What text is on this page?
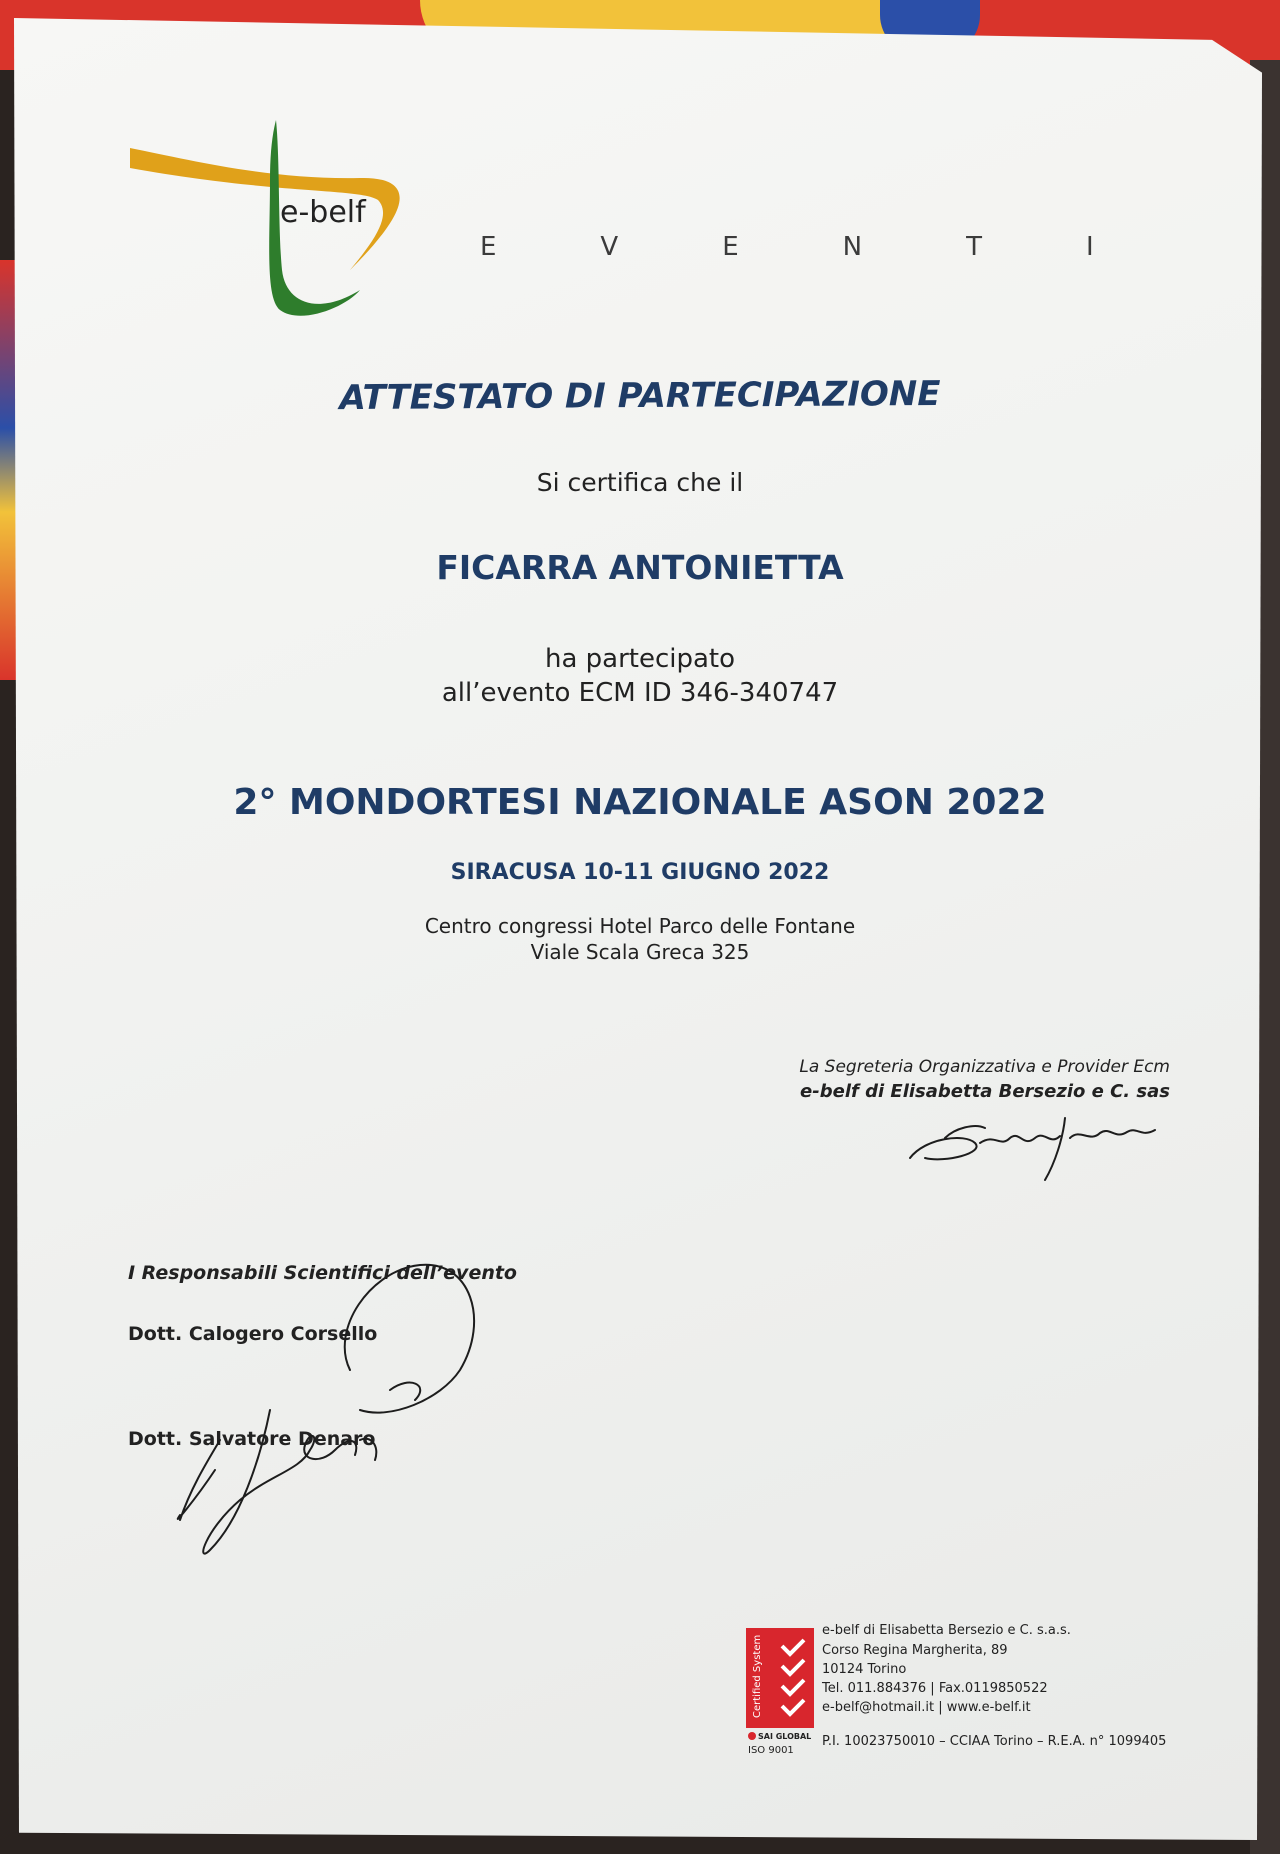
e-belf
EVENTI
ATTESTATO DI PARTECIPAZIONE
Si certifica che il
FICARRA ANTONIETTA
ha partecipato
all’evento ECM ID 346-340747
2° MONDORTESI NAZIONALE ASON 2022
SIRACUSA 10-11 GIUGNO 2022
Centro congressi Hotel Parco delle Fontane
Viale Scala Greca 325
La Segreteria Organizzativa e Provider Ecm
e-belf di Elisabetta Bersezio e C. sas
I Responsabili Scientifici dell’evento
Dott. Calogero Corsello
Dott. Salvatore Denaro
Certified System
SAI GLOBAL
ISO 9001
e-belf di Elisabetta Bersezio e C. s.a.s.
Corso Regina Margherita, 89
10124 Torino
Tel. 011.884376 | Fax.0119850522
e-belf@hotmail.it | www.e-belf.it
P.I. 10023750010 – CCIAA Torino – R.E.A. n° 1099405
